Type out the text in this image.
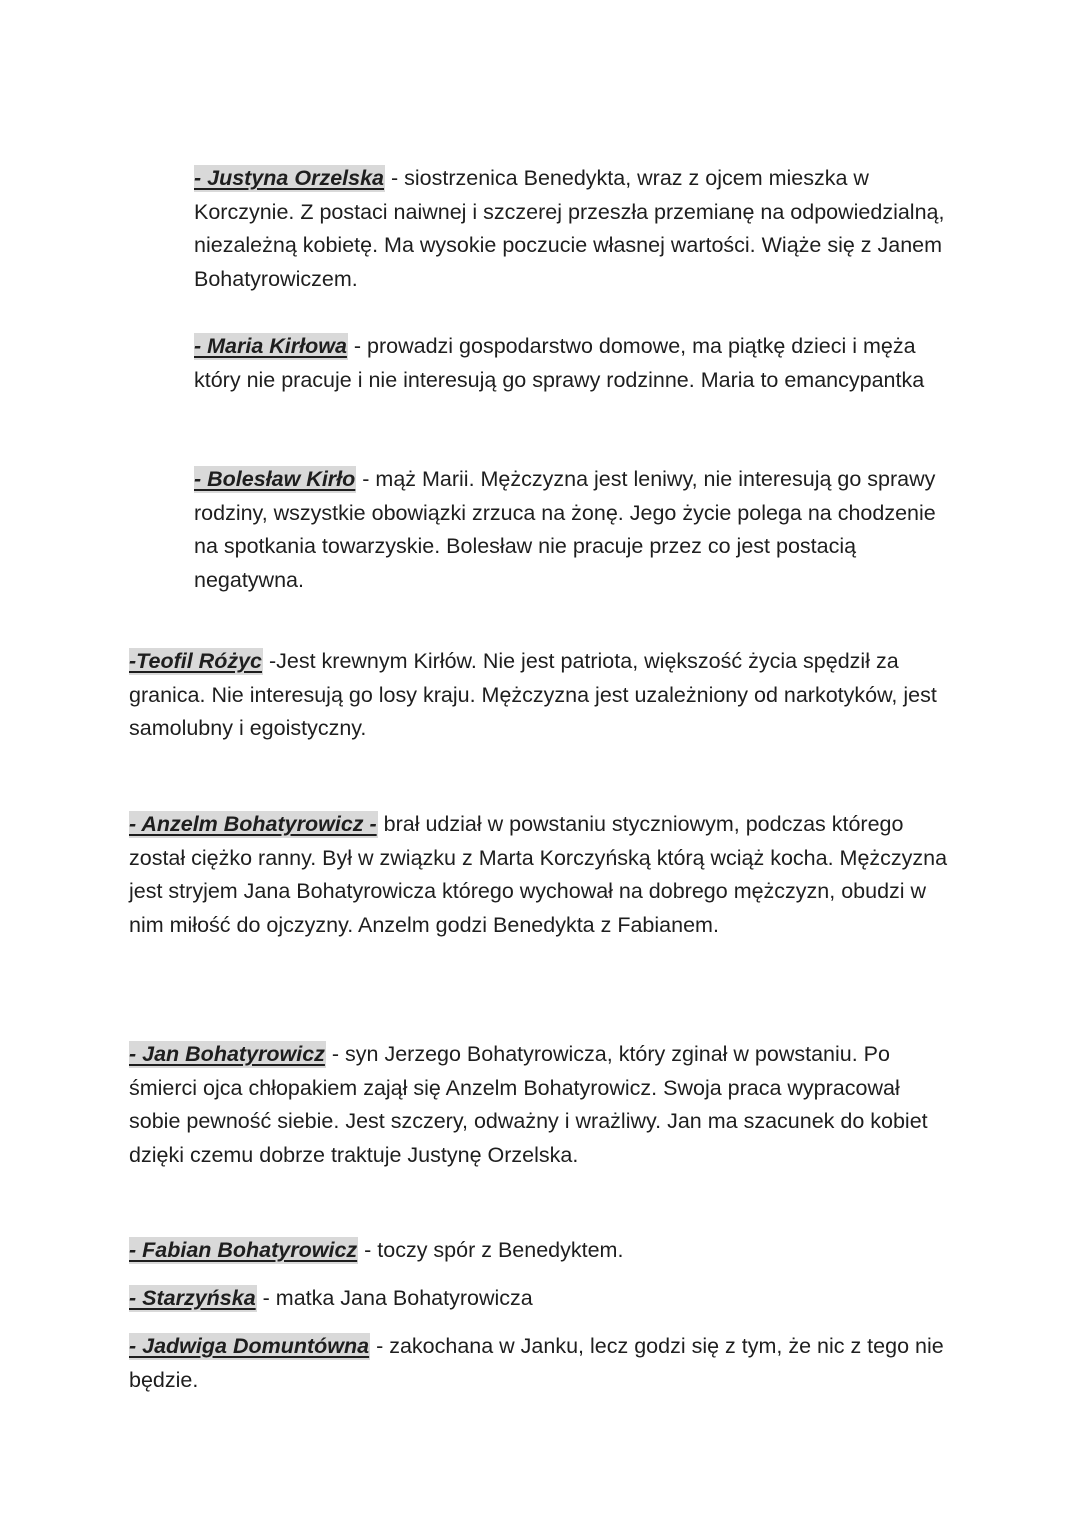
- Justyna Orzelska - siostrzenica Benedykta, wraz z ojcem mieszka w Korczynie. Z postaci naiwnej i szczerej przeszła przemianę na odpowiedzialną, niezależną kobietę. Ma wysokie poczucie własnej wartości. Wiąże się z Janem Bohatyrowiczem.

- Maria Kirłowa - prowadzi gospodarstwo domowe, ma piątkę dzieci i męża który nie pracuje i nie interesują go sprawy rodzinne. Maria to emancypantka

- Bolesław Kirło - mąż Marii. Mężczyzna jest leniwy, nie interesują go sprawy rodziny, wszystkie obowiązki zrzuca na żonę. Jego życie polega na chodzenie na spotkania towarzyskie. Bolesław nie pracuje przez co jest postacią negatywna.

-Teofil Różyc -Jest krewnym Kirłów. Nie jest patriota, większość życia spędził za granica. Nie interesują go losy kraju. Mężczyzna jest uzależniony od narkotyków, jest samolubny i egoistyczny.

- Anzelm Bohatyrowicz - brał udział w powstaniu styczniowym, podczas którego został ciężko ranny. Był w związku z Marta Korczyńską którą wciąż kocha. Mężczyzna jest stryjem Jana Bohatyrowicza którego wychował na dobrego mężczyzn, obudzi w nim miłość do ojczyzny. Anzelm godzi Benedykta z Fabianem.

- Jan Bohatyrowicz - syn Jerzego Bohatyrowicza, który zginał w powstaniu. Po śmierci ojca chłopakiem zajął się Anzelm Bohatyrowicz. Swoja praca wypracował sobie pewność siebie. Jest szczery, odważny i wrażliwy. Jan ma szacunek do kobiet dzięki czemu dobrze traktuje Justynę Orzelska.

- Fabian Bohatyrowicz - toczy spór z Benedyktem.

- Starzyńska - matka Jana Bohatyrowicza

- Jadwiga Domuntówna - zakochana w Janku, lecz godzi się z tym, że nic z tego nie będzie.
